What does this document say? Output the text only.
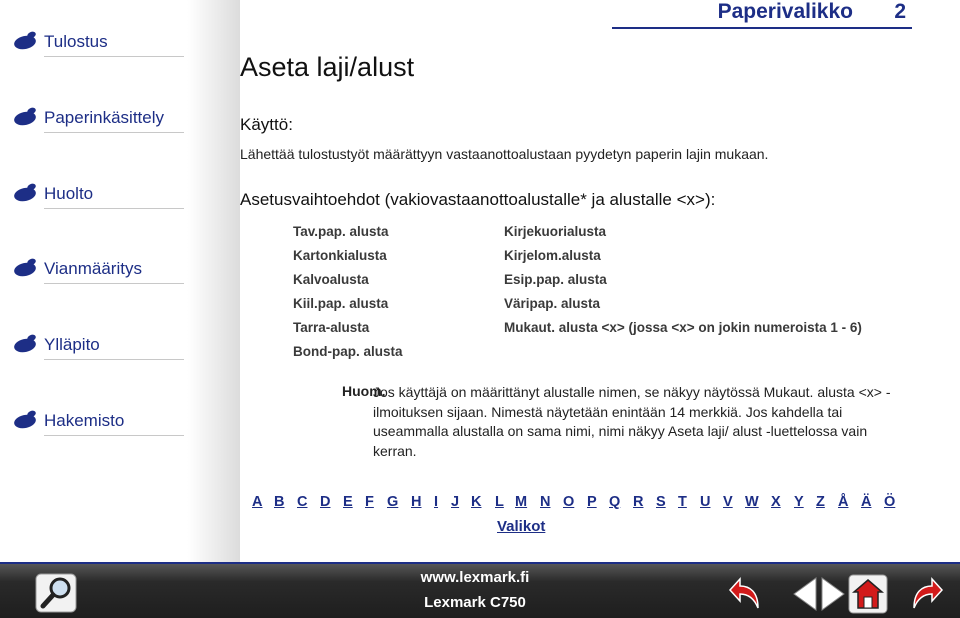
Tulostus
Paperinkäsittely
Huolto
Vianmääritys
Ylläpito
Hakemisto
Paperivalikko	2
Aseta laji/alust
Käyttö:
Lähettää tulostustyöt määrättyyn vastaanottoalustaan pyydetyn paperin lajin mukaan.
Asetusvaihtoehdot (vakiovastaanottoalustalle* ja alustalle <x>):
Tav.pap. alusta
Kartonkialusta
Kalvoalusta
Kiil.pap. alusta
Tarra-alusta
Bond-pap. alusta
Kirjekuorialusta
Kirjelom.alusta
Esip.pap. alusta
Väripap. alusta
Mukaut. alusta <x> (jossa <x> on jokin numeroista 1 - 6)
Huom.
Jos käyttäjä on määrittänyt alustalle nimen, se näkyy näytössä Mukaut. alusta <x> -ilmoituksen sijaan. Nimestä näytetään enintään 14 merkkiä. Jos kahdella tai useammalla alustalla on sama nimi, nimi näkyy Aseta laji/ alust -luettelossa vain kerran.
A B C D E F G H I J K L M N O P Q R S T U V W X Y Z Å Ä Ö
Valikot
www.lexmark.fi
Lexmark C750
